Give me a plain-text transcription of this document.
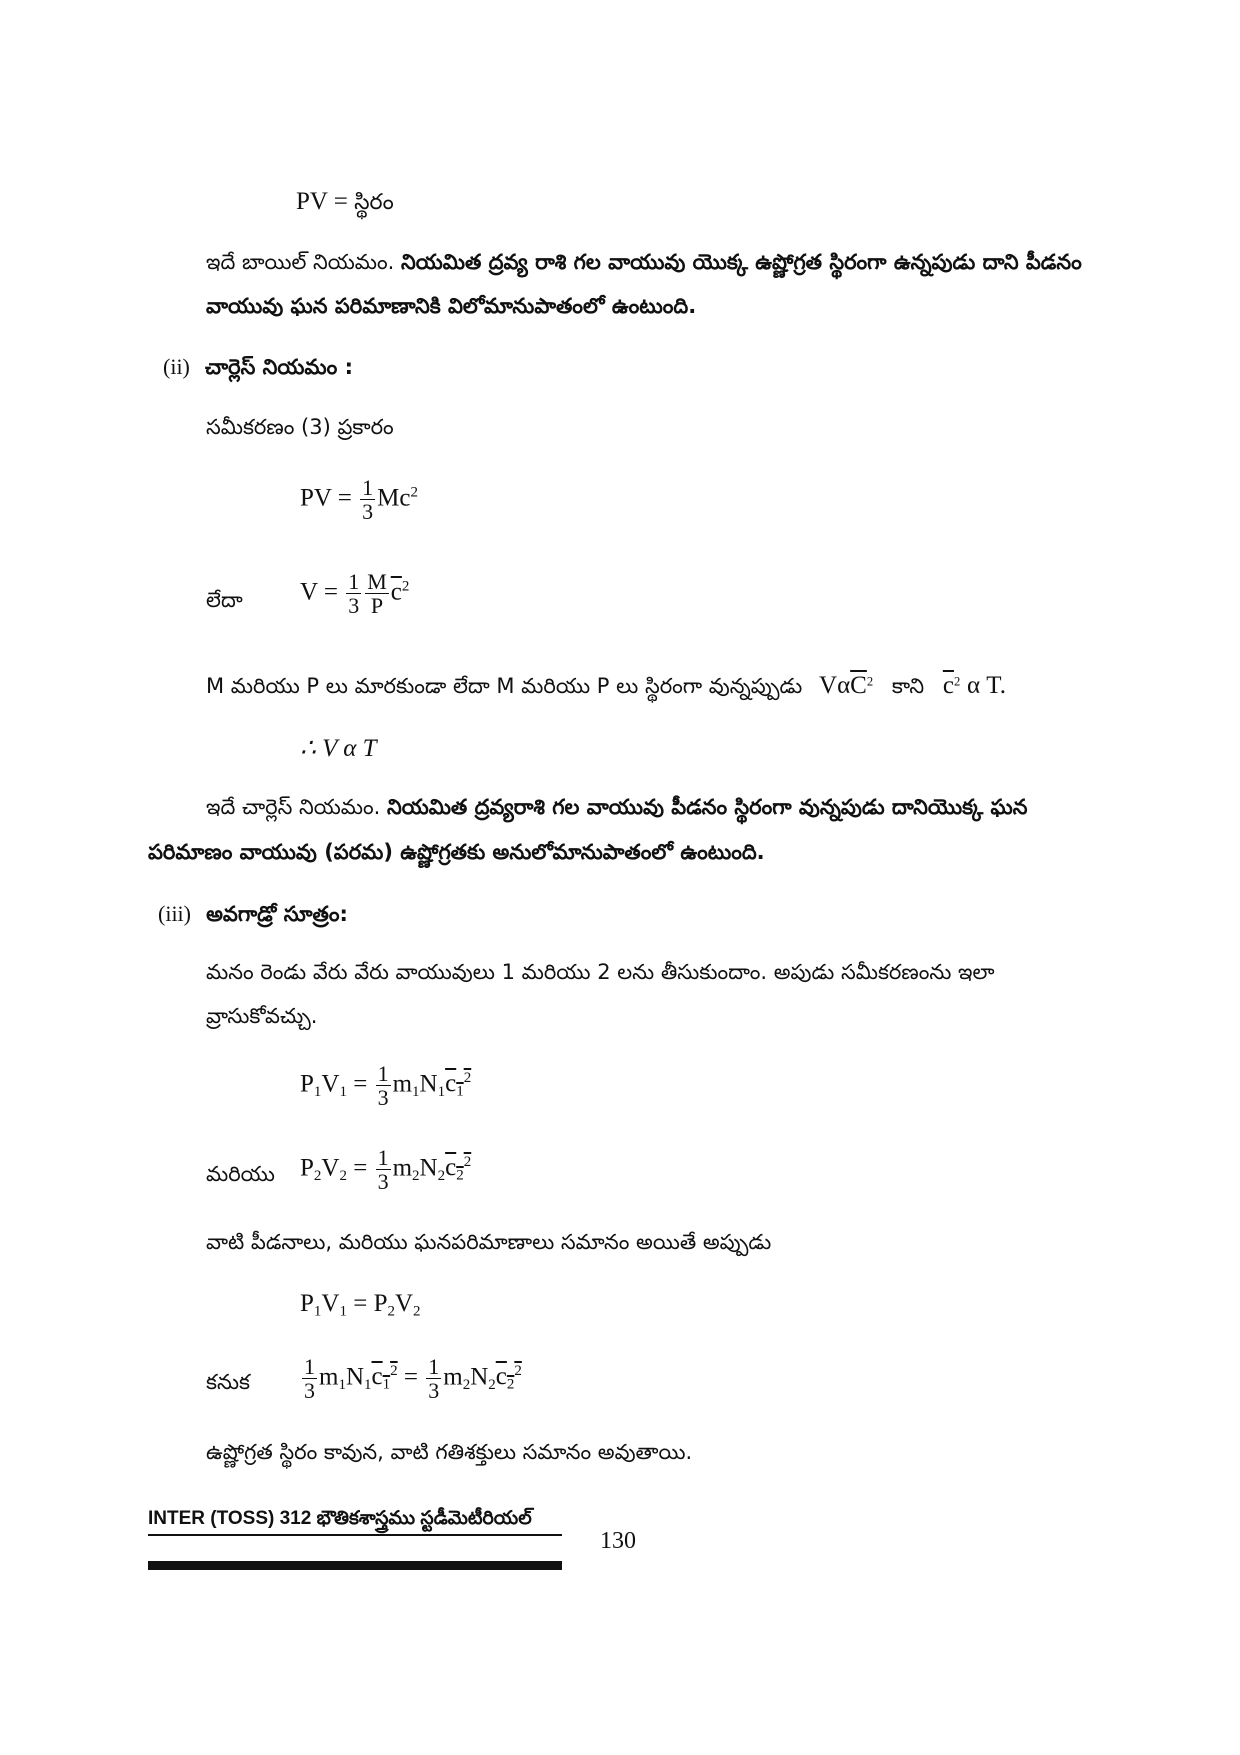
PV = స్థిరం
ఇదే బాయిల్ నియమం. నియమిత ద్రవ్య రాశి గల వాయువు యొక్క ఉష్ణోగ్రత స్థిరంగా ఉన్నపుడు దాని పీడనం
వాయువు ఘన పరిమాణానికి విలోమానుపాతంలో ఉంటుంది.
(ii) చార్లెస్ నియమం :
సమీకరణం (3) ప్రకారం
PV = $\frac{1}{3} Mc^2$
లేదా $V = \frac{1}{3} \frac{M}{P} \overline{c}^2$
M మరియు P లు మారకుండా లేదా M మరియు P లు స్థిరంగా వున్నప్పుడు $V\alpha\overline{C}^2$ కాని $\overline{c}^2$ α T.
∴ V α T
ఇదే చార్లెస్ నియమం. నియమిత ద్రవ్యరాశి గల వాయువు పీడనం స్థిరంగా వున్నపుడు దానియొక్క ఘన
పరిమాణం వాయువు (పరమ) ఉష్ణోగ్రతకు అనులోమానుపాతంలో ఉంటుంది.
(iii) అవగాడ్రో సూత్రం:
మనం రెండు వేరు వేరు వాయువులు 1 మరియు 2 లను తీసుకుందాం. అపుడు సమీకరణంను ఇలా
వ్రాసుకోవచ్చు.
$P_1V_1 = \frac{1}{3} m_1N_1c_1^2$
మరియు $P_2V_2 = \frac{1}{3} m_2N_2c_2^2$
వాటి పీడనాలు, మరియు ఘనపరిమాణాలు సమానం అయితే అప్పుడు
$P_1V_1 = P_2V_2$
కనుక $\frac{1}{3} m_1N_1c_1^2 = \frac{1}{3} m_2N_2c_2^2$
ఉష్ణోగ్రత స్థిరం కావున, వాటి గతిశక్తులు సమానం అవుతాయి.
INTER (TOSS) 312 భౌతికశాస్త్రము స్టడీమెటీరియల్
130
